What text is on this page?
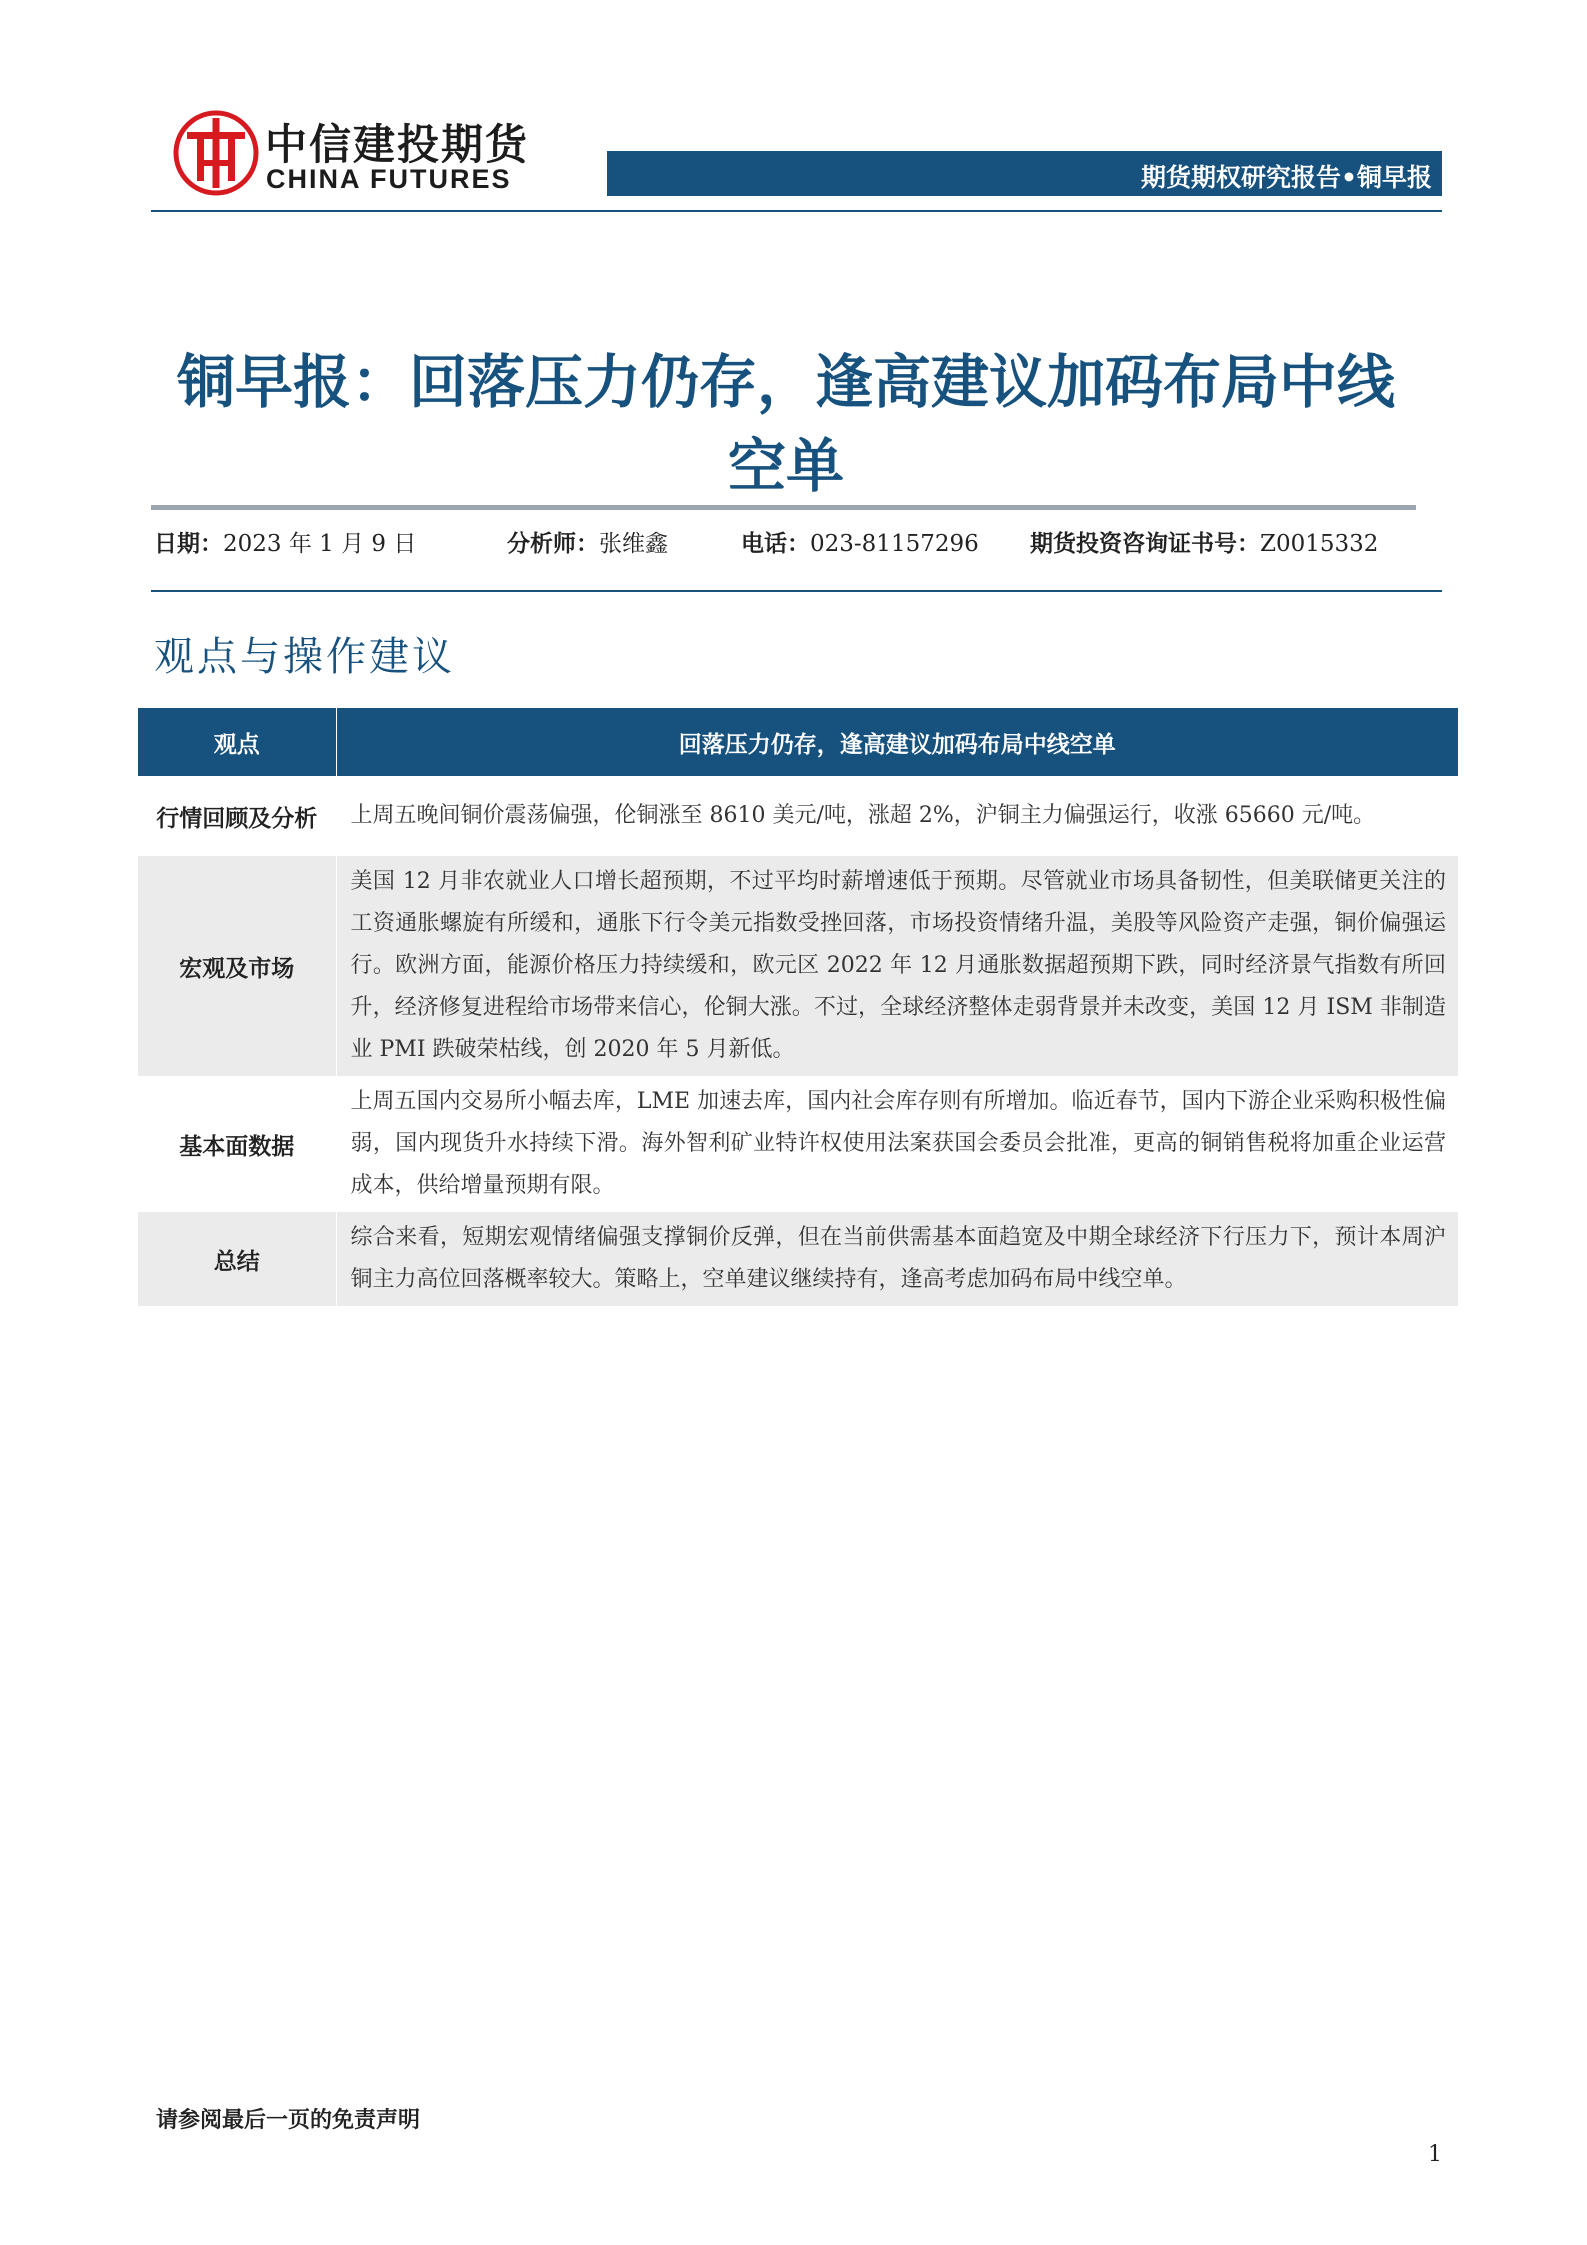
中信建投期货
CHINA FUTURES	期货期权研究报告•铜早报
铜早报：回落压力仍存，逢高建议加码布局中线空单
日期：2023 年 1 月 9 日	分析师：张维鑫	电话：023-81157296 期货投资咨询证书号：Z0015332
观点与操作建议
观点	回落压力仍存，逢高建议加码布局中线空单
行情回顾及分析	上周五晚间铜价震荡偏强，伦铜涨至 8610 美元/吨，涨超 2%，沪铜主力偏强运行，收涨 65660 元/吨。
宏观及市场	美国 12 月非农就业人口增长超预期，不过平均时薪增速低于预期。尽管就业市场具备韧性，但美联储更关注的工资通胀螺旋有所缓和，通胀下行令美元指数受挫回落，市场投资情绪升温，美股等风险资产走强，铜价偏强运行。欧洲方面，能源价格压力持续缓和，欧元区 2022 年 12 月通胀数据超预期下跌，同时经济景气指数有所回升，经济修复进程给市场带来信心，伦铜大涨。不过，全球经济整体走弱背景并未改变，美国 12 月 ISM 非制造业 PMI 跌破荣枯线，创 2020 年 5 月新低。
基本面数据	上周五国内交易所小幅去库，LME 加速去库，国内社会库存则有所增加。临近春节，国内下游企业采购积极性偏弱，国内现货升水持续下滑。海外智利矿业特许权使用法案获国会委员会批准，更高的铜销售税将加重企业运营成本，供给增量预期有限。
总结	综合来看，短期宏观情绪偏强支撑铜价反弹，但在当前供需基本面趋宽及中期全球经济下行压力下，预计本周沪铜主力高位回落概率较大。策略上，空单建议继续持有，逢高考虑加码布局中线空单。
请参阅最后一页的免责声明
1
